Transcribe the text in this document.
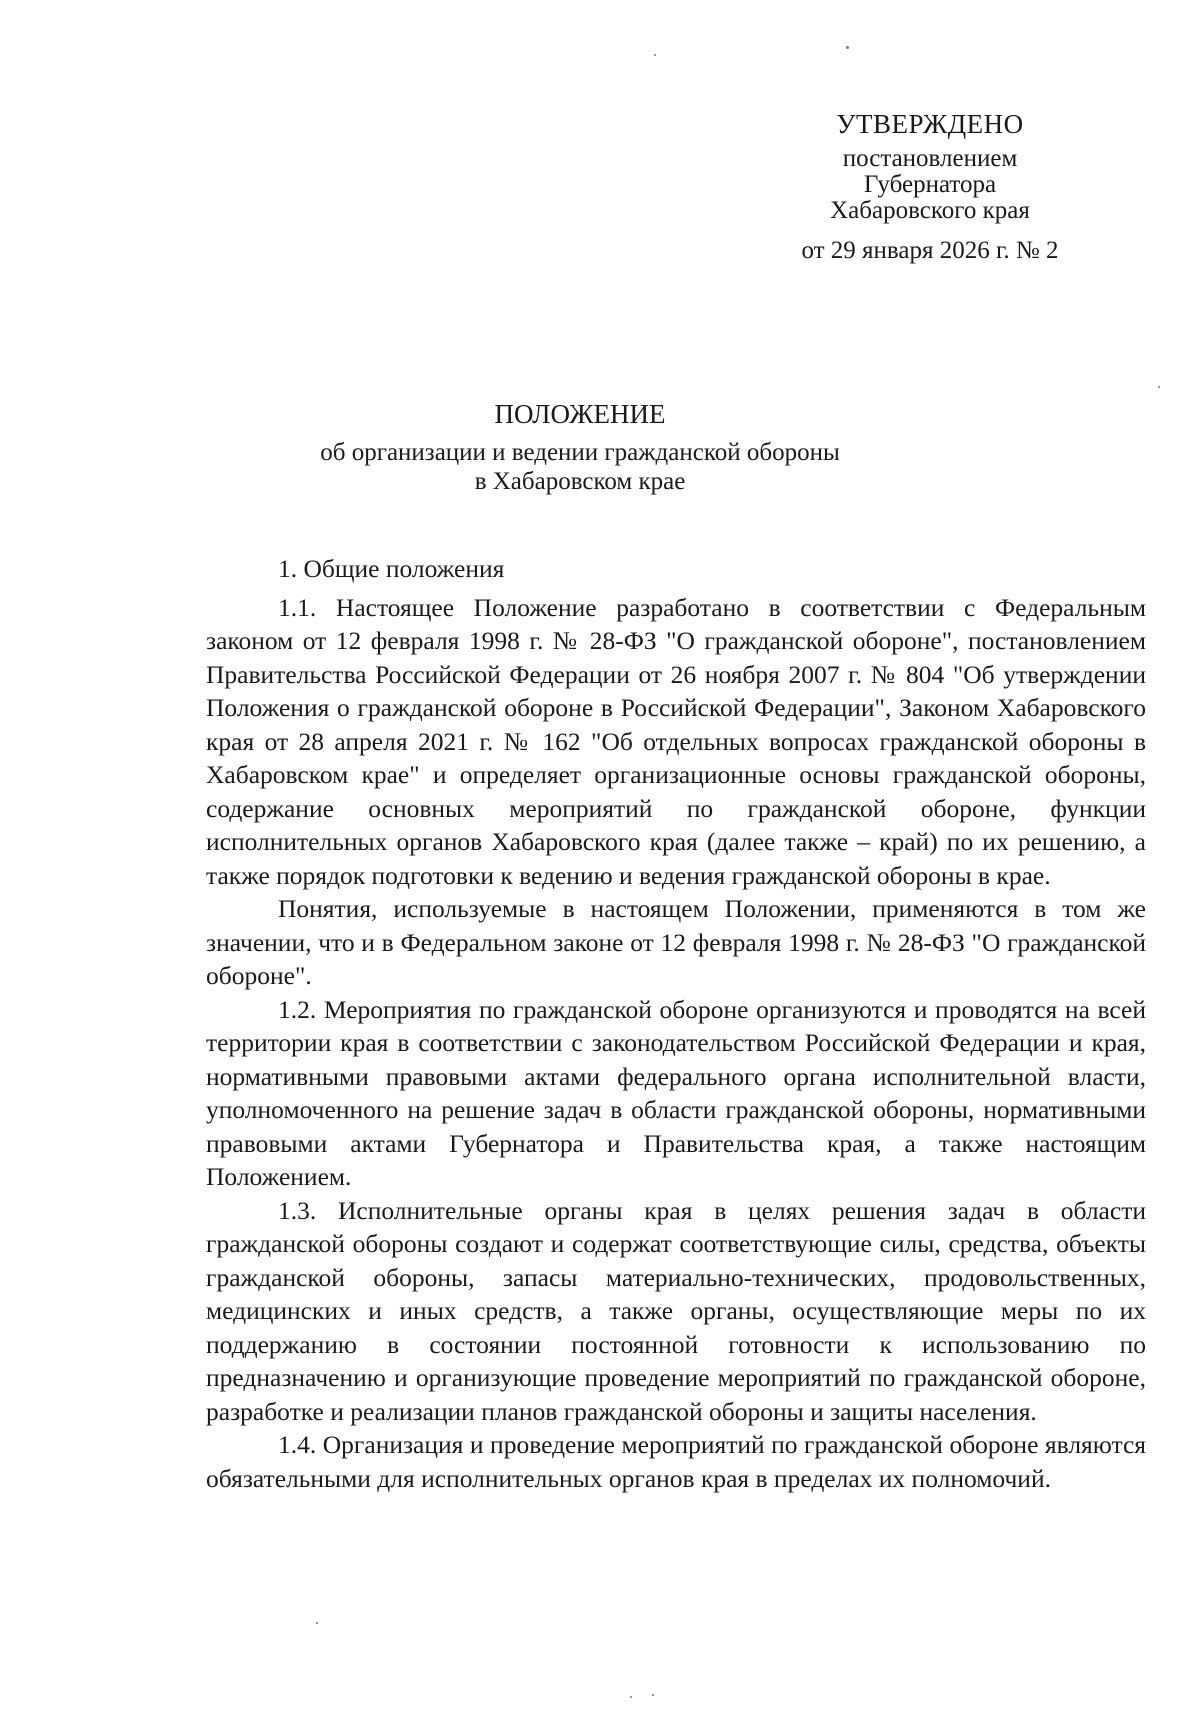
УТВЕРЖДЕНО
постановлением
Губернатора
Хабаровского края
от 29 января 2026 г. № 2
ПОЛОЖЕНИЕ
об организации и ведении гражданской обороны
в Хабаровском крае

1. Общие положения

1.1. Настоящее Положение разработано в соответствии с Федеральным законом от 12 февраля 1998 г. № 28-ФЗ "О гражданской обороне", постановлением Правительства Российской Федерации от 26 ноября 2007 г. № 804 "Об утверждении Положения о гражданской обороне в Российской Федерации", Законом Хабаровского края от 28 апреля 2021 г. № 162 "Об отдельных вопросах гражданской обороны в Хабаровском крае" и определяет организационные основы гражданской обороны, содержание основных мероприятий по гражданской обороне, функции исполнительных органов Хабаровского края (далее также – край) по их решению, а также порядок подготовки к ведению и ведения гражданской обороны в крае.

Понятия, используемые в настоящем Положении, применяются в том же значении, что и в Федеральном законе от 12 февраля 1998 г. № 28-ФЗ "О гражданской обороне".

1.2. Мероприятия по гражданской обороне организуются и проводятся на всей территории края в соответствии с законодательством Российской Федерации и края, нормативными правовыми актами федерального органа исполнительной власти, уполномоченного на решение задач в области гражданской обороны, нормативными правовыми актами Губернатора и Правительства края, а также настоящим Положением.

1.3. Исполнительные органы края в целях решения задач в области гражданской обороны создают и содержат соответствующие силы, средства, объекты гражданской обороны, запасы материально-технических, продовольственных, медицинских и иных средств, а также органы, осуществляющие меры по их поддержанию в состоянии постоянной готовности к использованию по предназначению и организующие проведение мероприятий по гражданской обороне, разработке и реализации планов гражданской обороны и защиты населения.

1.4. Организация и проведение мероприятий по гражданской обороне являются обязательными для исполнительных органов края в пределах их полномочий.
